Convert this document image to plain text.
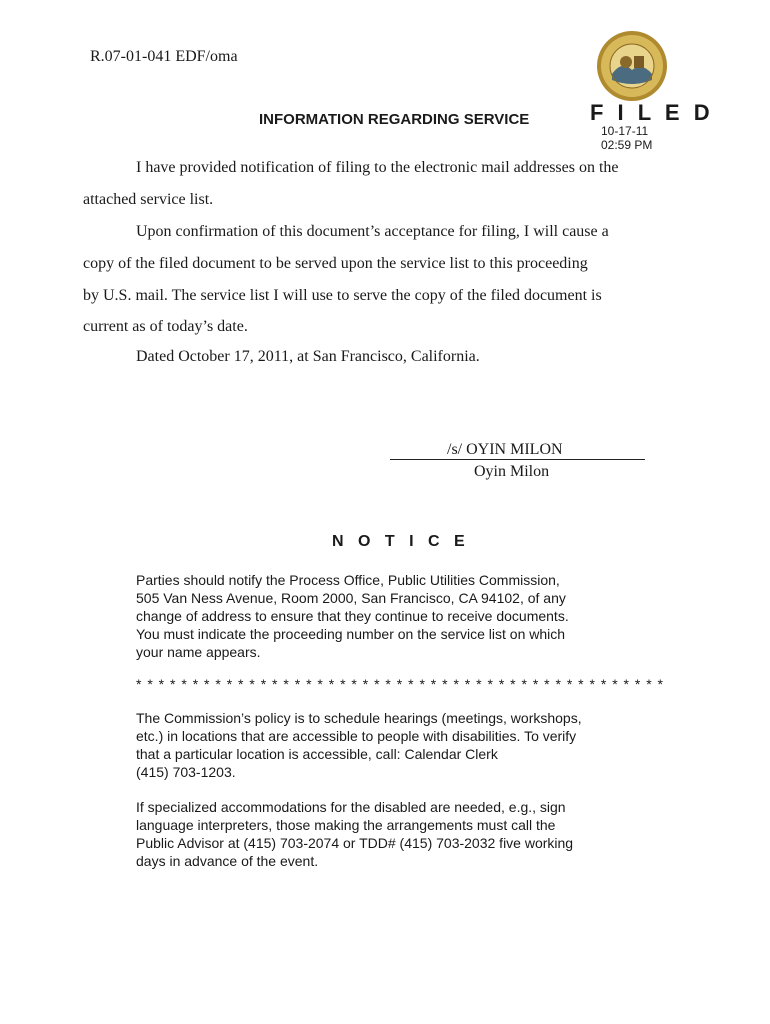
R.07-01-041 EDF/oma
INFORMATION REGARDING SERVICE	F I L E D
10-17-11
02:59 PM
I have provided notification of filing to the electronic mail addresses on the
attached service list.
Upon confirmation of this document’s acceptance for filing, I will cause a
copy of the filed document to be served upon the service list to this proceeding
by U.S. mail. The service list I will use to serve the copy of the filed document is
current as of today’s date.
Dated October 17, 2011, at San Francisco, California.
/s/ OYIN MILON
Oyin Milon
N O T I C E
Parties should notify the Process Office, Public Utilities Commission,
505 Van Ness Avenue, Room 2000, San Francisco, CA 94102, of any
change of address to ensure that they continue to receive documents.
You must indicate the proceeding number on the service list on which
your name appears.
* * * * * * * * * * * * * * * * * * * * * * * * * * * * * * * * * * * * * * * * * * * * * * *
The Commission’s policy is to schedule hearings (meetings, workshops,
etc.) in locations that are accessible to people with disabilities. To verify
that a particular location is accessible, call: Calendar Clerk
(415) 703-1203.
If specialized accommodations for the disabled are needed, e.g., sign
language interpreters, those making the arrangements must call the
Public Advisor at (415) 703-2074 or TDD# (415) 703-2032 five working
days in advance of the event.
